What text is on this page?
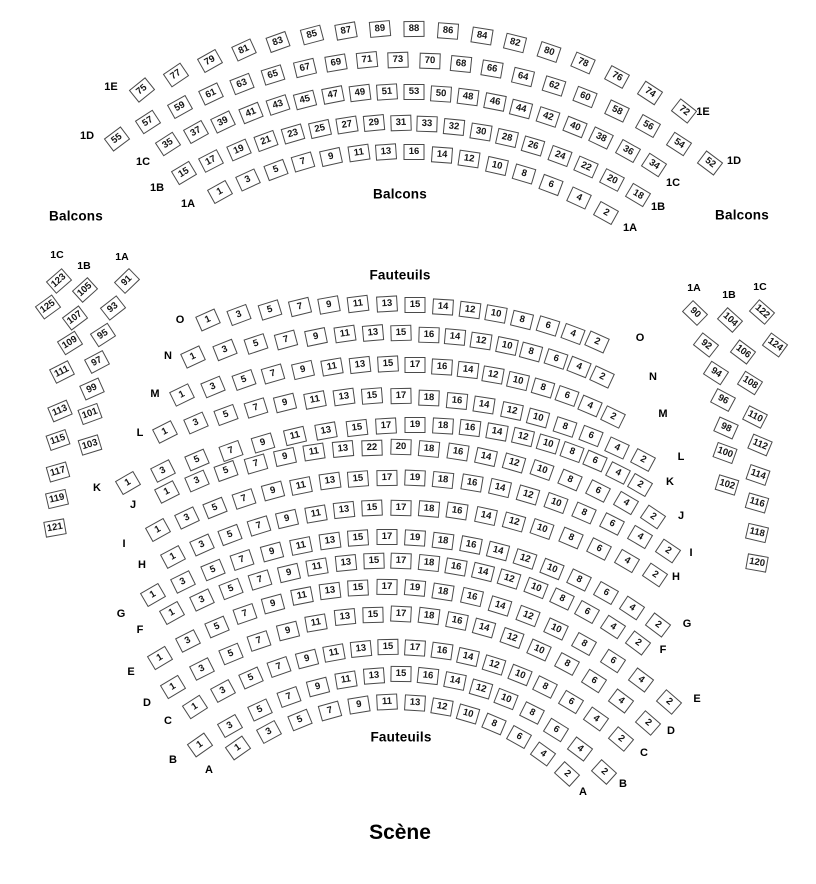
Balcons
Balcons
Balcons
Fauteuils
Fauteuils
Scène
1
3
5
7	9	11	13	16	14	12
10
8
6
4
2
1A
1A
15
17
19
21
23	25	27	29	31	33	32	30	28
26
24
22
20
18
1B
1B
35
37
39
41
43	45	47	49	51	53	50	48	46	44
42
40
38
36
34
1C
1C
55
57
59
61
63
65	67	69	71	73	70	68	66
64
62
60
58
56
54
52
1D
1D
75
77
79
81
83	85	87	89	88	86	84
82
80
78
76
74
72
1E
1E
1	3	5	7	9	11	13	15	14	12	10	8
6
4
2
O
O
1
3	5	7	9	11	13	15	16	14	12	10	8
6
4
2
N
N
1
3
5	7	9	11	13	15	17	16	14	12	10
8
6
4
2
M
M
1
3
5
7	9	11	13	15	17	18	16	14	12
10
8
6
4
2
L
L
1
3
5
7
9	11	13	15	17	19	18	16	14	12	10
8
6
4
2
K	K
1
3
5
7
9	11	13	22	20	18	16	14	12
10
8
6
4
2
J
J
1
3
5
7
9	11	13	15	17	19	18	16	14	12
10
8
6
4
2
I
I
1
3
5
7
9	11	13	15	17	18	16	14	12
10
8
6
4
2
H
H
1
3
5
7
9	11	13	15	17	19	18	16	14
12
10
8
6
4
2
G
G
1
3
5
7
9	11	13	15	17	18	16	14
12
10
8
6
4
2
F
F
1
3
5
7
9
11	13	15	17	19	18	16
14
12
10
8
6
4
2
E
E
1
3
5
7
9
11	13	15	17	18	16
14
12
10
8
6
4
2
D
D
1
3
5
7
9	11	13	15	17	16	14
12
10
8
6
4
2
C
C
1
3
5
7
9
11	13	15	16	14
12
10
8
6
4
2
B
B
1
3
5
7	9	11	13	12
10
8
6
4
2
A
A
91
93
95
97
99
101
103
105
107
109
111
113
115
117
119
121
123
125
1C
1B
1A
90
92
94
96
98
100
102
104
106
108
110
112
114
116
118
120
122
124
1A
1B
1C
